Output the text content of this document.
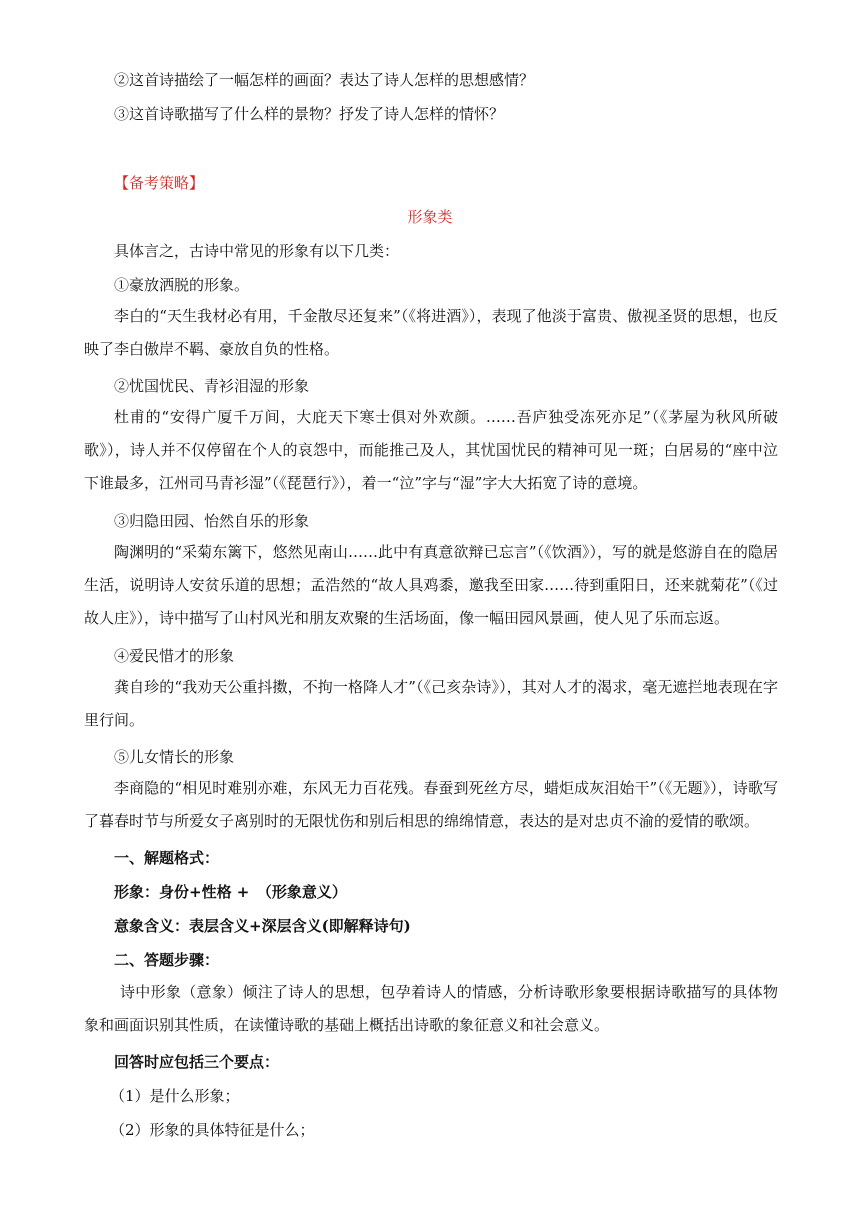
②这首诗描绘了一幅怎样的画面？表达了诗人怎样的思想感情？
③这首诗歌描写了什么样的景物？抒发了诗人怎样的情怀？
【备考策略】
形象类
具体言之，古诗中常见的形象有以下几类：
①豪放洒脱的形象。
李白的“天生我材必有用，千金散尽还复来”（《将进酒》），表现了他淡于富贵、傲视圣贤的思想，也反映了李白傲岸不羁、豪放自负的性格。
②忧国忧民、青衫泪湿的形象
杜甫的“安得广厦千万间，大庇天下寒士俱对外欢颜。……吾庐独受冻死亦足”（《茅屋为秋风所破歌》），诗人并不仅停留在个人的哀怨中，而能推己及人，其忧国忧民的精神可见一斑；白居易的“座中泣下谁最多，江州司马青衫湿”（《琵琶行》），着一“泣”字与“湿”字大大拓宽了诗的意境。
③归隐田园、怡然自乐的形象
陶渊明的“采菊东篱下，悠然见南山……此中有真意欲辩已忘言”（《饮酒》），写的就是悠游自在的隐居生活，说明诗人安贫乐道的思想；孟浩然的“故人具鸡黍，邀我至田家……待到重阳日，还来就菊花”（《过故人庄》），诗中描写了山村风光和朋友欢聚的生活场面，像一幅田园风景画，使人见了乐而忘返。
④爱民惜才的形象
龚自珍的“我劝天公重抖擞，不拘一格降人才”（《己亥杂诗》），其对人才的渴求，毫无遮拦地表现在字里行间。
⑤儿女情长的形象
李商隐的“相见时难别亦难，东风无力百花残。春蚕到死丝方尽，蜡炬成灰泪始干”（《无题》），诗歌写了暮春时节与所爱女子离别时的无限忧伤和别后相思的绵绵情意，表达的是对忠贞不渝的爱情的歌颂。
一、解题格式：
形象：身份+性格 +　（形象意义）
意象含义：表层含义+深层含义(即解释诗句)
二、答题步骤：
诗中形象（意象）倾注了诗人的思想，包孕着诗人的情感，分析诗歌形象要根据诗歌描写的具体物象和画面识别其性质，在读懂诗歌的基础上概括出诗歌的象征意义和社会意义。
回答时应包括三个要点：
（1）是什么形象；
（2）形象的具体特征是什么；
